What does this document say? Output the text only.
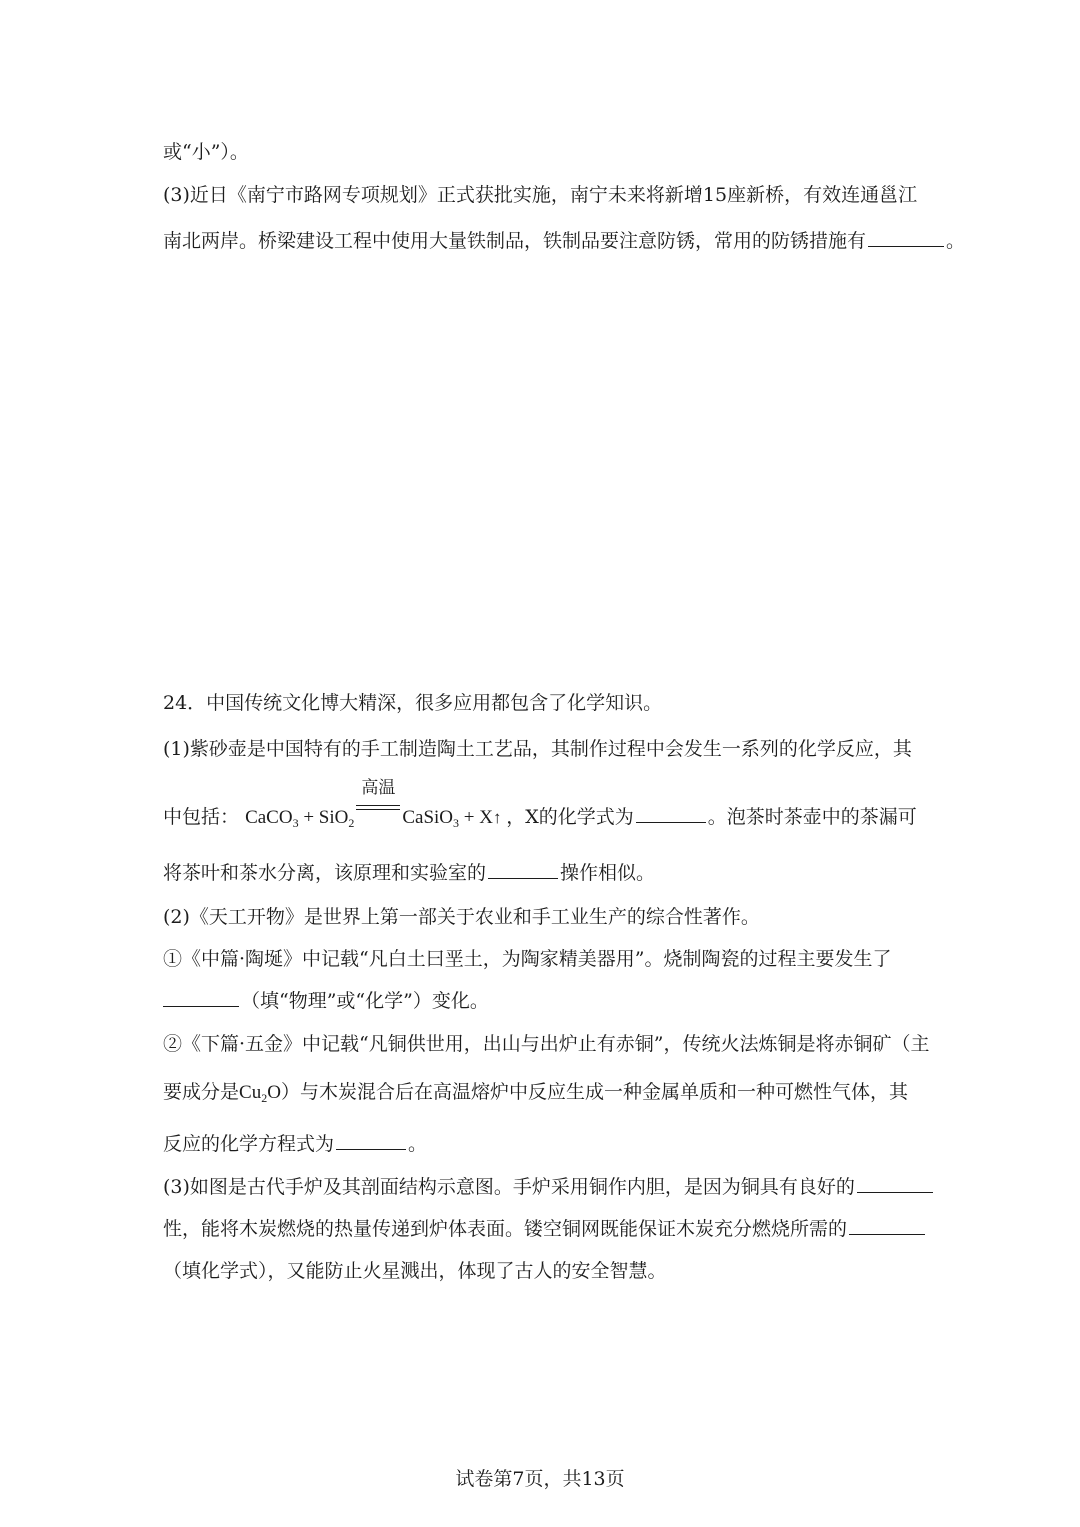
或“小”）。
(3)近日《南宁市路网专项规划》正式获批实施，南宁未来将新增15座新桥，有效连通邕江
南北两岸。桥梁建设工程中使用大量铁制品，铁制品要注意防锈，常用的防锈措施有	。
24．中国传统文化博大精深，很多应用都包含了化学知识。
(1)紫砂壶是中国特有的手工制造陶土工艺品，其制作过程中会发生一系列的化学反应，其
中包括： CaCO$_3$ + SiO$_2$
高温
CaSiO$_3$ + X↑ ，X的化学式为	。泡茶时茶壶中的茶漏可
将茶叶和茶水分离，该原理和实验室的	操作相似。
(2)《天工开物》是世界上第一部关于农业和手工业生产的综合性著作。
①《中篇·陶埏》中记载“凡白土曰垩土，为陶家精美器用”。烧制陶瓷的过程主要发生了
（填“物理”或“化学”）变化。
②《下篇·五金》中记载“凡铜供世用，出山与出炉止有赤铜”，传统火法炼铜是将赤铜矿（主
要成分是$Cu_2O$）与木炭混合后在高温熔炉中反应生成一种金属单质和一种可燃性气体，其
反应的化学方程式为	。
(3)如图是古代手炉及其剖面结构示意图。手炉采用铜作内胆，是因为铜具有良好的
性，能将木炭燃烧的热量传递到炉体表面。镂空铜网既能保证木炭充分燃烧所需的
（填化学式），又能防止火星溅出，体现了古人的安全智慧。
试卷第7页，共13页
